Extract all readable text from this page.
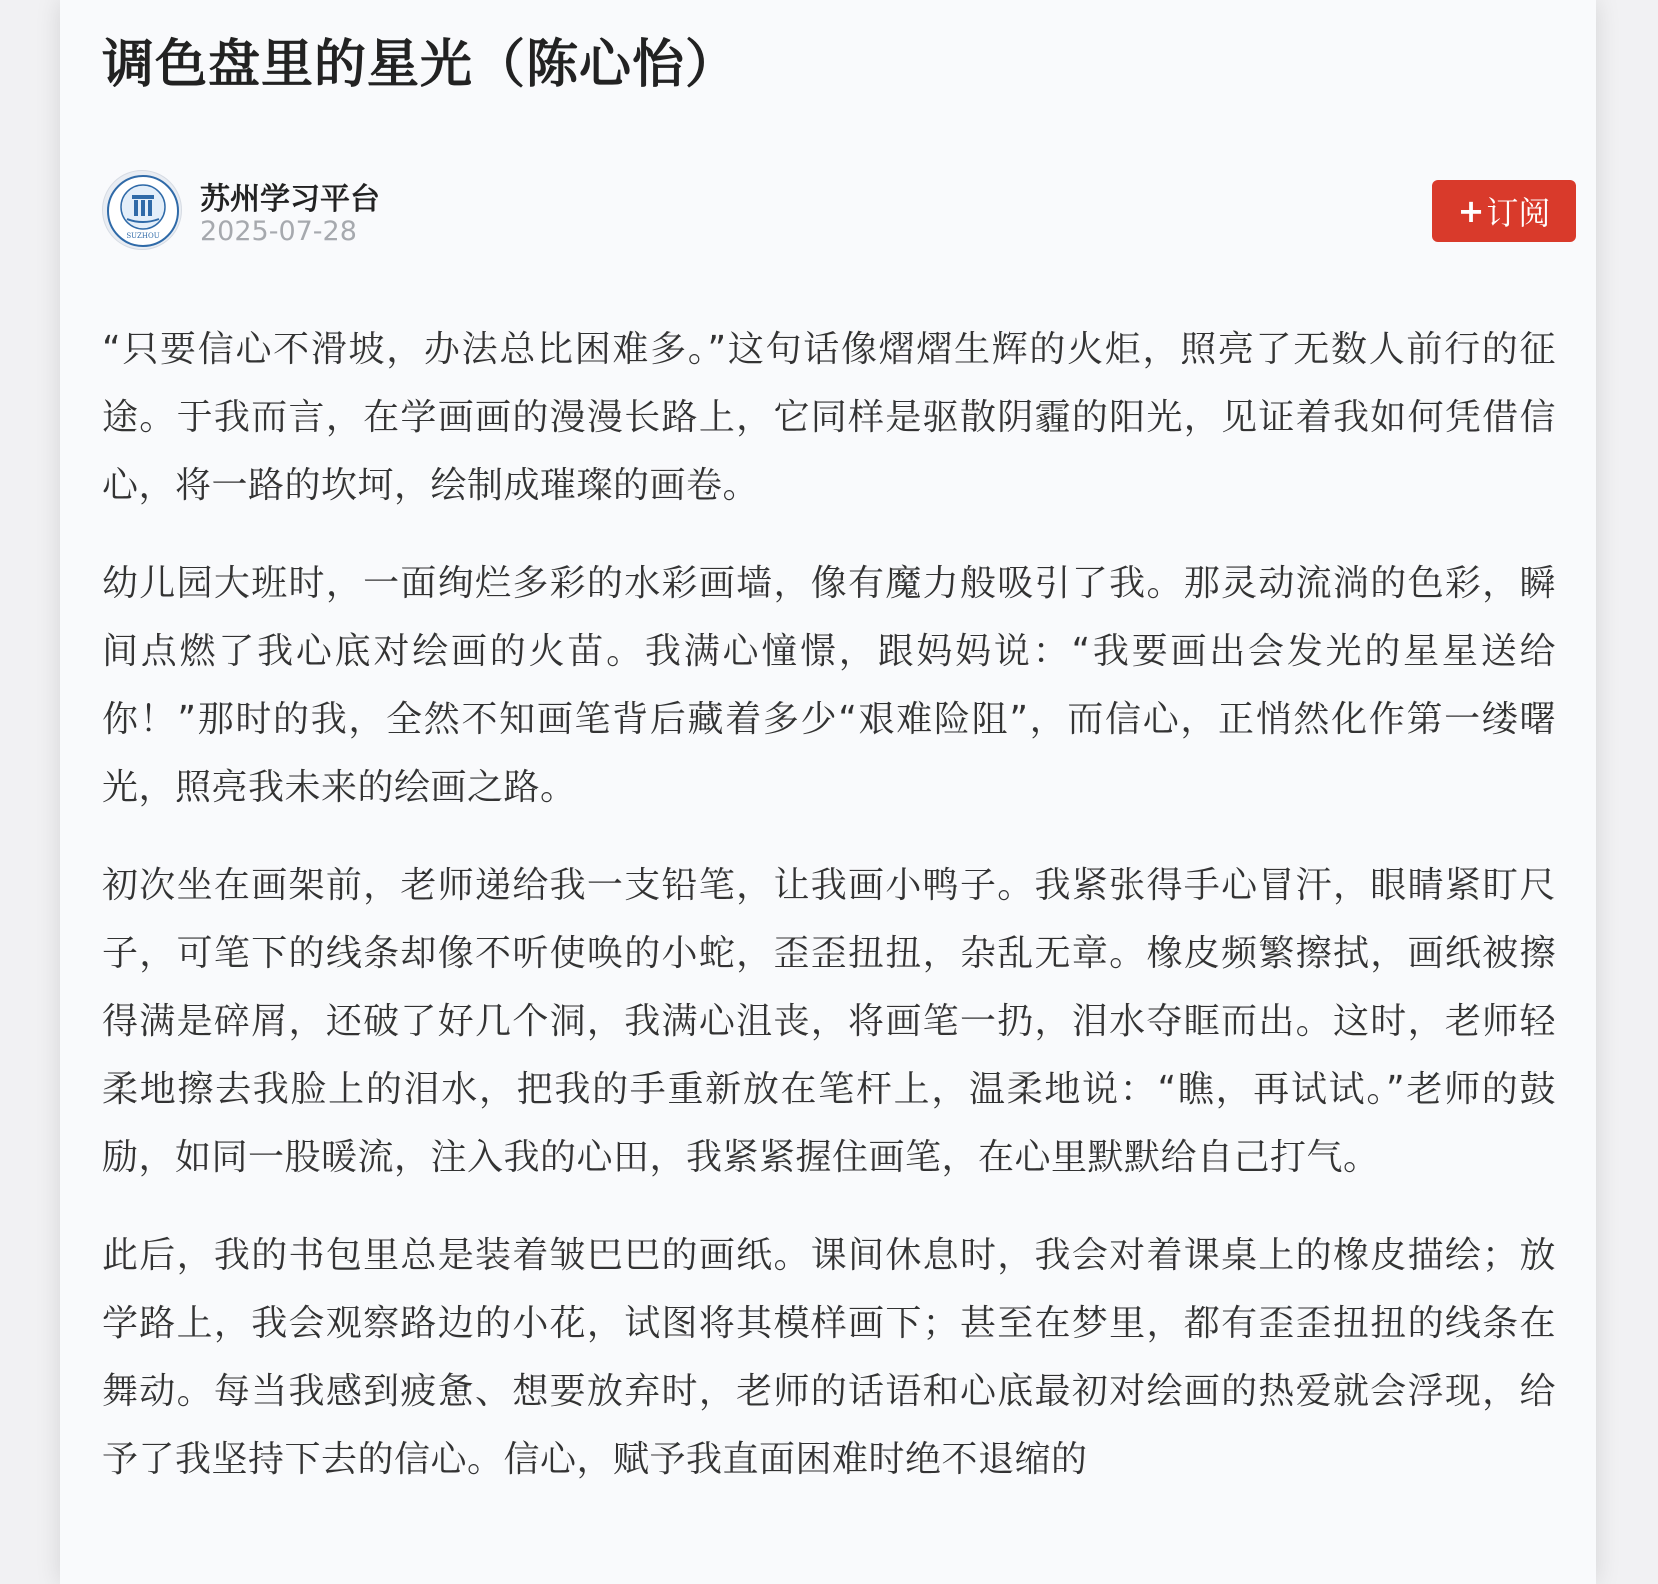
调色盘里的星光（陈心怡）
SUZHOU
苏州学习平台
2025-07-28
+ 订阅

“只要信心不滑坡，办法总比困难多。”这句话像熠熠生辉的火炬，照亮了无数人前行的征途。于我而言，在学画画的漫漫长路上，它同样是驱散阴霾的阳光，见证着我如何凭借信心，将一路的坎坷，绘制成璀璨的画卷。

幼儿园大班时，一面绚烂多彩的水彩画墙，像有魔力般吸引了我。那灵动流淌的色彩，瞬间点燃了我心底对绘画的火苗。我满心憧憬，跟妈妈说：“我要画出会发光的星星送给你！”那时的我，全然不知画笔背后藏着多少“艰难险阻”，而信心，正悄然化作第一缕曙光，照亮我未来的绘画之路。

初次坐在画架前，老师递给我一支铅笔，让我画小鸭子。我紧张得手心冒汗，眼睛紧盯尺子，可笔下的线条却像不听使唤的小蛇，歪歪扭扭，杂乱无章。橡皮频繁擦拭，画纸被擦得满是碎屑，还破了好几个洞，我满心沮丧，将画笔一扔，泪水夺眶而出。这时，老师轻柔地擦去我脸上的泪水，把我的手重新放在笔杆上，温柔地说：“瞧，再试试。”老师的鼓励，如同一股暖流，注入我的心田，我紧紧握住画笔，在心里默默给自己打气。

此后，我的书包里总是装着皱巴巴的画纸。课间休息时，我会对着课桌上的橡皮描绘；放学路上，我会观察路边的小花，试图将其模样画下；甚至在梦里，都有歪歪扭扭的线条在舞动。每当我感到疲惫、想要放弃时，老师的话语和心底最初对绘画的热爱就会浮现，给予了我坚持下去的信心。信心，赋予我直面困难时绝不退缩的
